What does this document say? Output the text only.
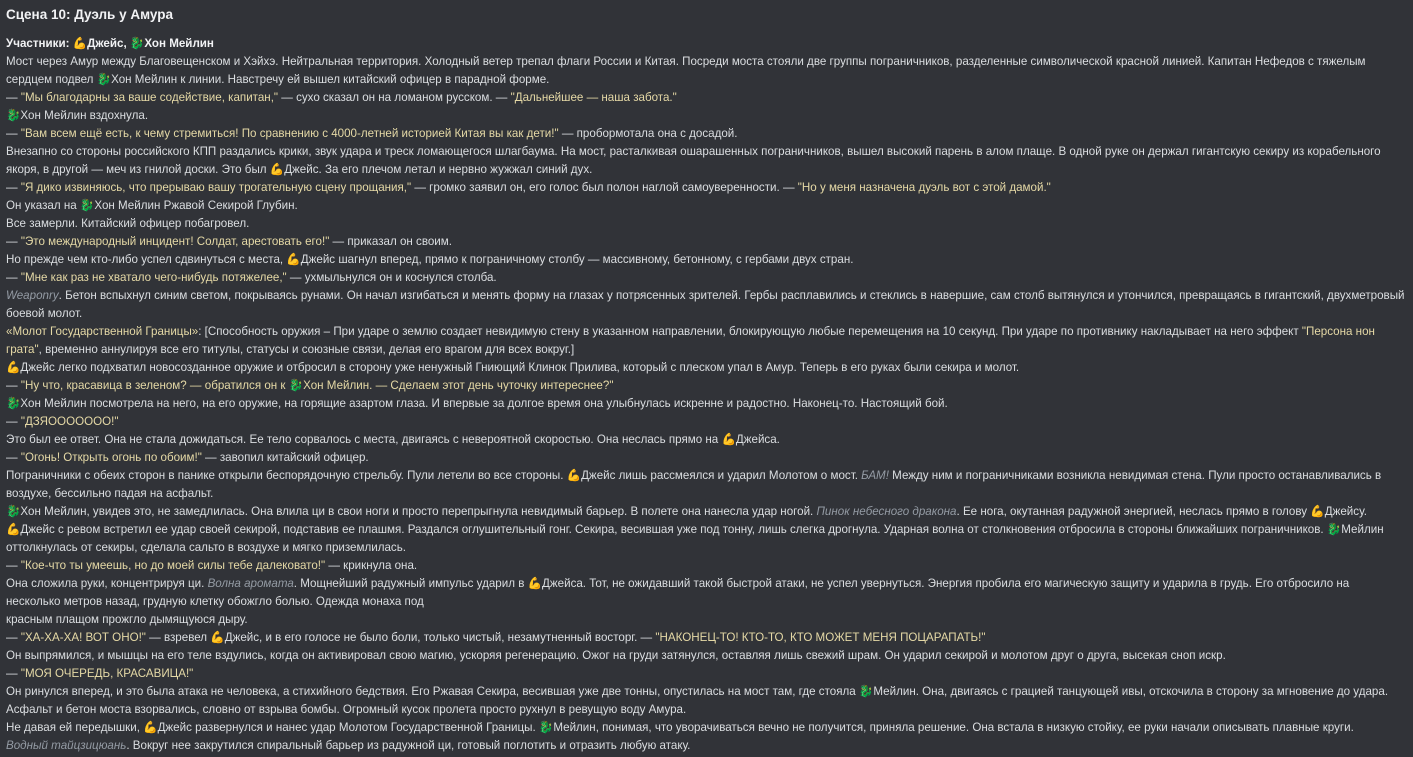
Сцена 10: Дуэль у Амура
Участники: 💪Джейс, 🐉Хон Мейлин
Мост через Амур между Благовещенском и Хэйхэ. Нейтральная территория. Холодный ветер трепал флаги России и Китая. Посреди моста стояли две группы пограничников, разделенные символической красной линией. Капитан Нефедов с тяжелым сердцем подвел 🐉Хон Мейлин к линии. Навстречу ей вышел китайский офицер в парадной форме.
— "Мы благодарны за ваше содействие, капитан," — сухо сказал он на ломаном русском. — "Дальнейшее — наша забота."
🐉Хон Мейлин вздохнула.
— "Вам всем ещё есть, к чему стремиться! По сравнению с 4000-летней историей Китая вы как дети!" — пробормотала она с досадой.
Внезапно со стороны российского КПП раздались крики, звук удара и треск ломающегося шлагбаума. На мост, расталкивая ошарашенных пограничников, вышел высокий парень в алом плаще. В одной руке он держал гигантскую секиру из корабельного якоря, в другой — меч из гнилой доски. Это был 💪Джейс. За его плечом летал и нервно жужжал синий дух.
— "Я дико извиняюсь, что прерываю вашу трогательную сцену прощания," — громко заявил он, его голос был полон наглой самоуверенности. — "Но у меня назначена дуэль вот с этой дамой."
Он указал на 🐉Хон Мейлин Ржавой Секирой Глубин.
Все замерли. Китайский офицер побагровел.
— "Это международный инцидент! Солдат, арестовать его!" — приказал он своим.
Но прежде чем кто-либо успел сдвинуться с места, 💪Джейс шагнул вперед, прямо к пограничному столбу — массивному, бетонному, с гербами двух стран.
— "Мне как раз не хватало чего-нибудь потяжелее," — ухмыльнулся он и коснулся столба.
Weaponry. Бетон вспыхнул синим светом, покрываясь рунами. Он начал изгибаться и менять форму на глазах у потрясенных зрителей. Гербы расплавились и стеклись в навершие, сам столб вытянулся и утончился, превращаясь в гигантский, двухметровый боевой молот.
«Молот Государственной Границы»: [Способность оружия – При ударе о землю создает невидимую стену в указанном направлении, блокирующую любые перемещения на 10 секунд. При ударе по противнику накладывает на него эффект "Персона нон грата", временно аннулируя все его титулы, статусы и союзные связи, делая его врагом для всех вокруг.]
💪Джейс легко подхватил новосозданное оружие и отбросил в сторону уже ненужный Гниющий Клинок Прилива, который с плеском упал в Амур. Теперь в его руках были секира и молот.
— "Ну что, красавица в зеленом? — обратился он к 🐉Хон Мейлин. — Сделаем этот день чуточку интереснее?"
🐉Хон Мейлин посмотрела на него, на его оружие, на горящие азартом глаза. И впервые за долгое время она улыбнулась искренне и радостно. Наконец-то. Настоящий бой.
— "ДЗЯООООООО!"
Это был ее ответ. Она не стала дожидаться. Ее тело сорвалось с места, двигаясь с невероятной скоростью. Она неслась прямо на 💪Джейса.
— "Огонь! Открыть огонь по обоим!" — завопил китайский офицер.
Пограничники с обеих сторон в панике открыли беспорядочную стрельбу. Пули летели во все стороны. 💪Джейс лишь рассмеялся и ударил Молотом о мост. БАМ! Между ним и пограничниками возникла невидимая стена. Пули просто останавливались в воздухе, бессильно падая на асфальт.
🐉Хон Мейлин, увидев это, не замедлилась. Она влила ци в свои ноги и просто перепрыгнула невидимый барьер. В полете она нанесла удар ногой. Пинок небесного дракона. Ее нога, окутанная радужной энергией, неслась прямо в голову 💪Джейсу.
💪Джейс с ревом встретил ее удар своей секирой, подставив ее плашмя. Раздался оглушительный гонг. Секира, весившая уже под тонну, лишь слегка дрогнула. Ударная волна от столкновения отбросила в стороны ближайших пограничников. 🐉Мейлин оттолкнулась от секиры, сделала сальто в воздухе и мягко приземлилась.
— "Кое-что ты умеешь, но до моей силы тебе далековато!" — крикнула она.
Она сложила руки, концентрируя ци. Волна аромата. Мощнейший радужный импульс ударил в 💪Джейса. Тот, не ожидавший такой быстрой атаки, не успел увернуться. Энергия пробила его магическую защиту и ударила в грудь. Его отбросило на несколько метров назад, грудную клетку обожгло болью. Одежда монаха под
красным плащом прожгло дымящуюся дыру.
— "ХА-ХА-ХА! ВОТ ОНО!" — взревел 💪Джейс, и в его голосе не было боли, только чистый, незамутненный восторг. — "НАКОНЕЦ-ТО! КТО-ТО, КТО МОЖЕТ МЕНЯ ПОЦАРАПАТЬ!"
Он выпрямился, и мышцы на его теле вздулись, когда он активировал свою магию, ускоряя регенерацию. Ожог на груди затянулся, оставляя лишь свежий шрам. Он ударил секирой и молотом друг о друга, высекая сноп искр.
— "МОЯ ОЧЕРЕДЬ, КРАСАВИЦА!"
Он ринулся вперед, и это была атака не человека, а стихийного бедствия. Его Ржавая Секира, весившая уже две тонны, опустилась на мост там, где стояла 🐉Мейлин. Она, двигаясь с грацией танцующей ивы, отскочила в сторону за мгновение до удара. Асфальт и бетон моста взорвались, словно от взрыва бомбы. Огромный кусок пролета просто рухнул в ревущую воду Амура.
Не давая ей передышки, 💪Джейс развернулся и нанес удар Молотом Государственной Границы. 🐉Мейлин, понимая, что уворачиваться вечно не получится, приняла решение. Она встала в низкую стойку, ее руки начали описывать плавные круги.
Водный тайцзицюань. Вокруг нее закрутился спиральный барьер из радужной ци, готовый поглотить и отразить любую атаку.
